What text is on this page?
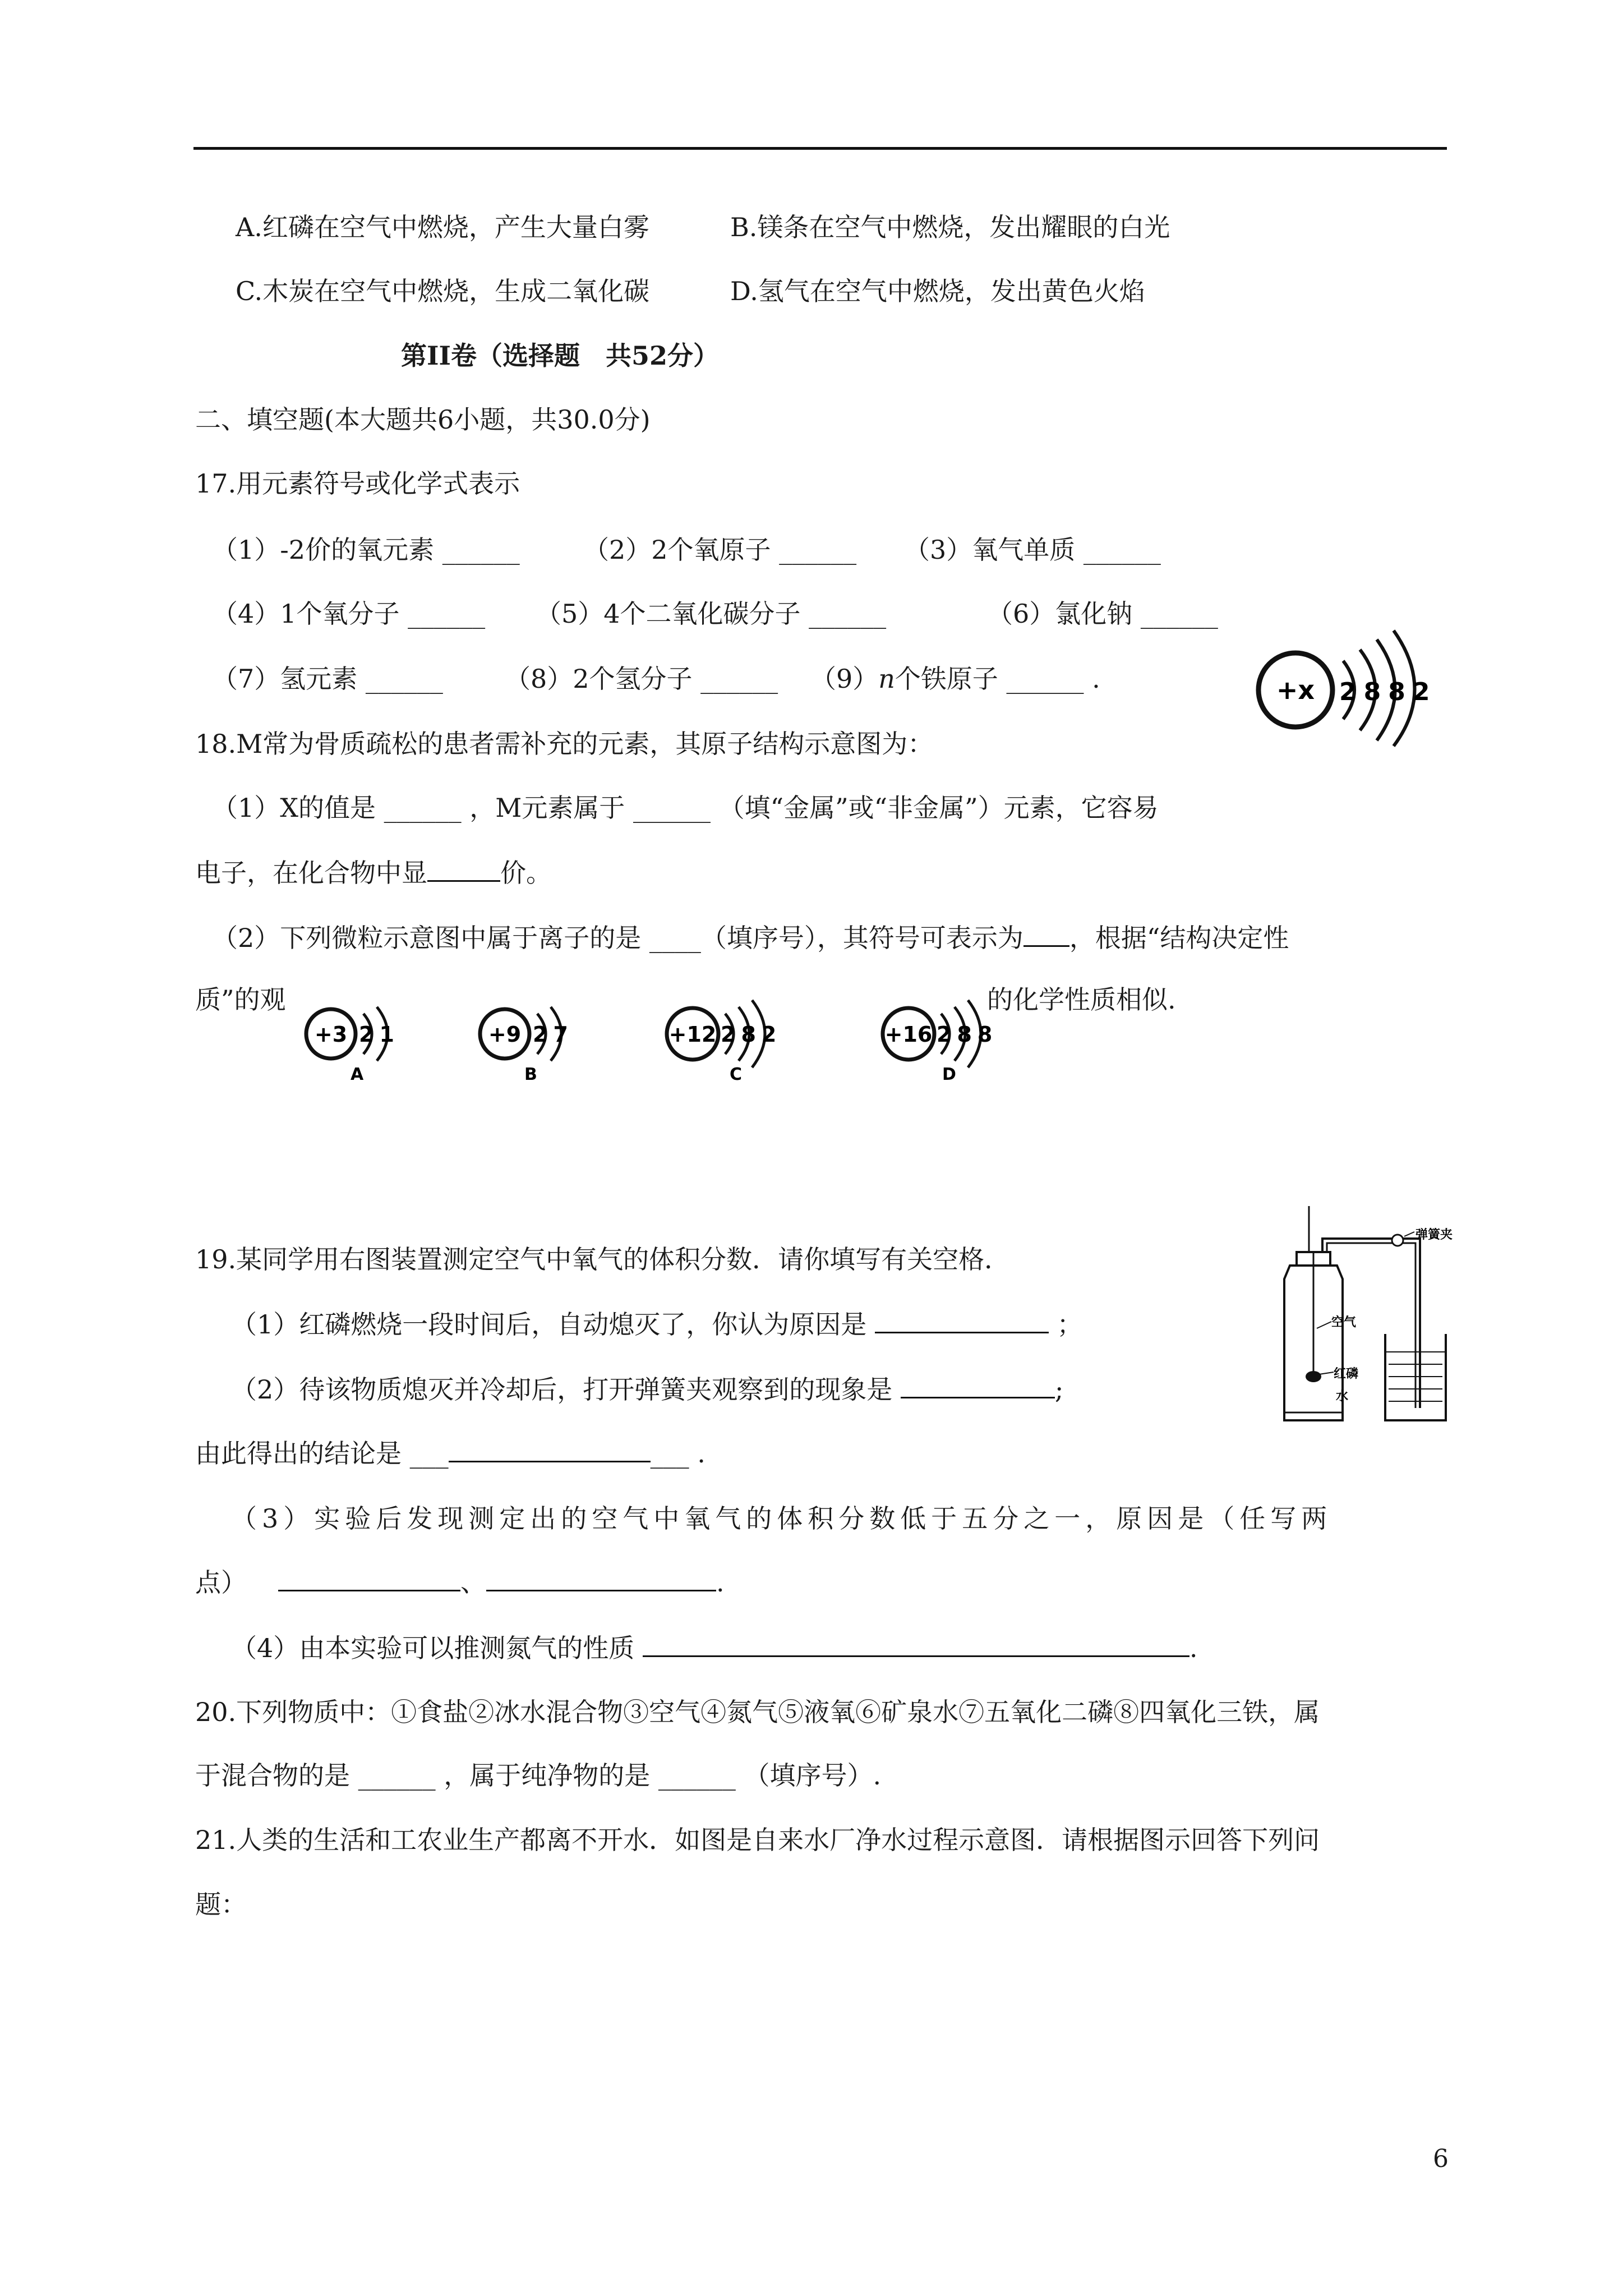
A.红磷在空气中燃烧，产生大量白雾	B.镁条在空气中燃烧，发出耀眼的白光
C.木炭在空气中燃烧，生成二氧化碳	D.氢气在空气中燃烧，发出黄色火焰
第II卷（选择题　共52分）
二、填空题(本大题共6小题，共30.0分)
17.用元素符号或化学式表示
（1）-2价的氧元素 ______ （2）2个氧原子 ______ （3）氧气单质 ______
（4）1个氧分子 ______ （5）4个二氧化碳分子 ______	（6）氯化钠 ______
（7）氢元素 ______ （8）2个氢分子 ______ （9）n个铁原子 ______ .	+x 2882
18.M常为骨质疏松的患者需补充的元素，其原子结构示意图为：
（1）X的值是 ______ ，M元素属于 ______ （填“金属”或“非金属”）元素，它容易
电子，在化合物中显	价。
（2）下列微粒示意图中属于离子的是 ____（填序号），其符号可表示为 ，根据“结构决定性
质”的观	的化学性质相似.
+3 21
A
+9 27
B
+12 282
C
+16 288
D
弹簧夹
空气
红磷
水
19.某同学用右图装置测定空气中氧气的体积分数．请你填写有关空格．
（1）红磷燃烧一段时间后，自动熄灭了，你认为原因是	；
（2）待该物质熄灭并冷却后，打开弹簧夹观察到的现象是	;
由此得出的结论是 ___	___ .
（3）实验后发现测定出的空气中氧气的体积分数低于五分之一，原因是（任写两
点）	、	.
（4）由本实验可以推测氮气的性质	.
20.下列物质中：①食盐②冰水混合物③空气④氮气⑤液氧⑥矿泉水⑦五氧化二磷⑧四氧化三铁，属
于混合物的是 ______ ，属于纯净物的是 ______ （填序号）.
21.人类的生活和工农业生产都离不开水．如图是自来水厂净水过程示意图．请根据图示回答下列问
题：
6
